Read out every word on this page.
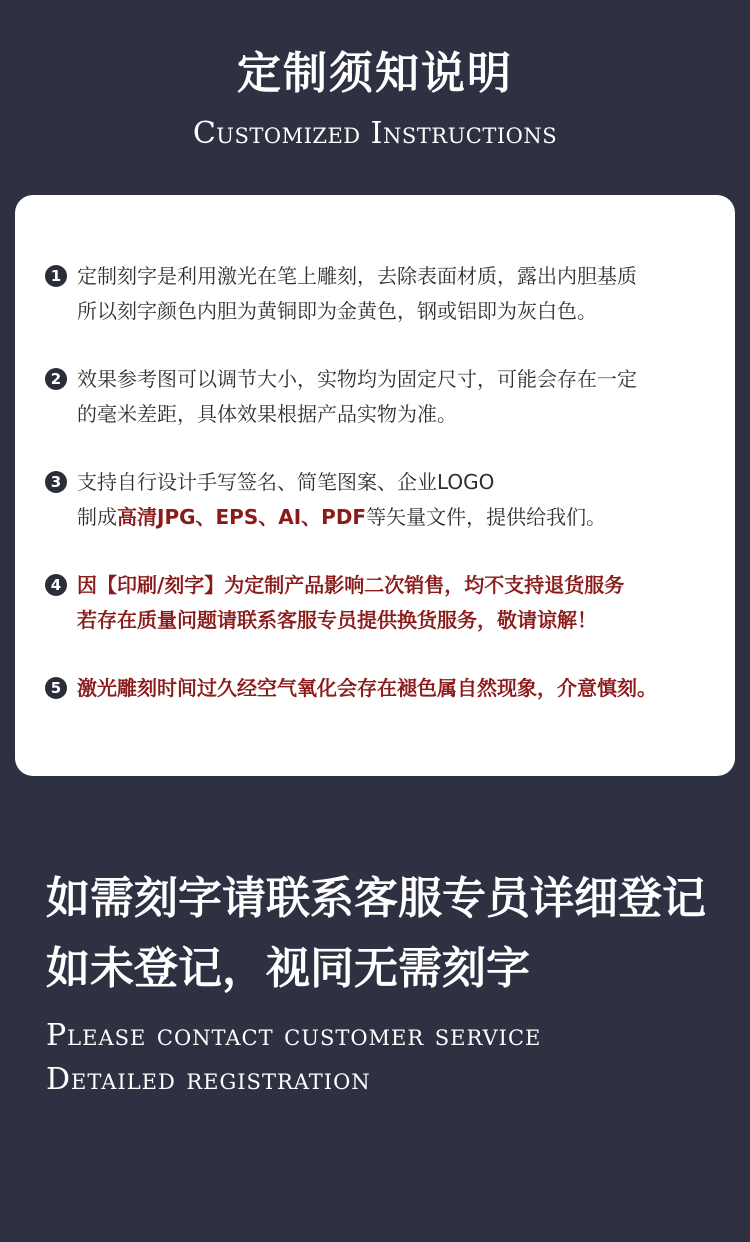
定制须知说明
Customized Instructions
1 定制刻字是利用激光在笔上雕刻，去除表面材质，露出内胆基质
所以刻字颜色内胆为黄铜即为金黄色，钢或铝即为灰白色。
2 效果参考图可以调节大小，实物均为固定尺寸，可能会存在一定
的毫米差距，具体效果根据产品实物为准。
3 支持自行设计手写签名、简笔图案、企业LOGO
制成高清JPG、EPS、AI、PDF等矢量文件，提供给我们。
4 因【印刷/刻字】为定制产品影响二次销售，均不支持退货服务
若存在质量问题请联系客服专员提供换货服务，敬请谅解！
5 激光雕刻时间过久经空气氧化会存在褪色属自然现象，介意慎刻。
如需刻字请联系客服专员详细登记
如未登记，视同无需刻字
Please contact customer service
Detailed registration
